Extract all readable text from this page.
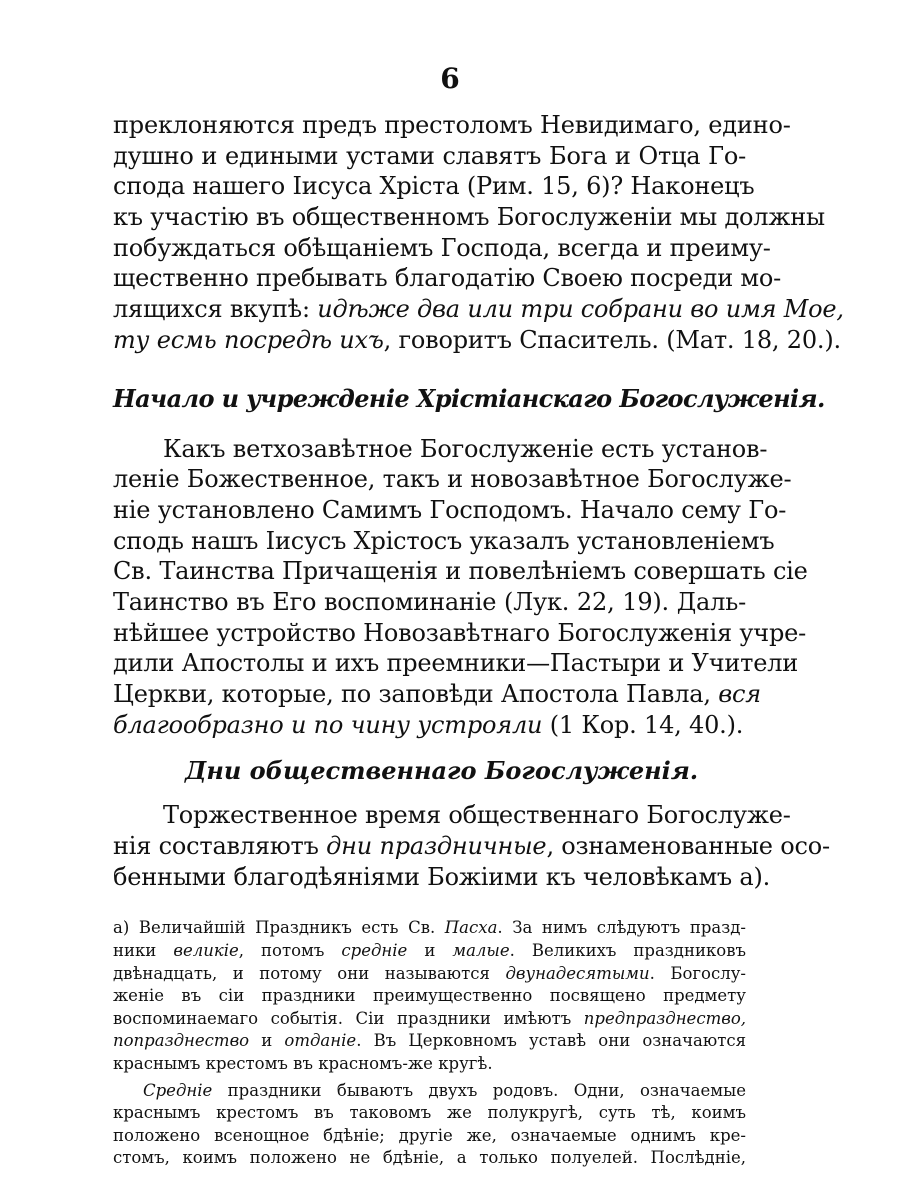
6
преклоняются предъ престоломъ Невидимаго, едино-
душно и едиными устами славятъ Бога и Отца Го-
спода нашего Іисуса Хріста (Рим. 15, 6)? Наконецъ
къ участію въ общественномъ Богослуженіи мы должны
побуждаться обѣщаніемъ Господа, всегда и преиму-
щественно пребывать благодатію Своею посреди мо-
лящихся вкупѣ: идѣже два или три собрани во имя Мое,
ту есмь посредѣ ихъ, говоритъ Спаситель. (Мат. 18, 20.).
Начало и учрежденіе Хрістіанскаго Богослуженія.
Какъ ветхозавѣтное Богослуженіе есть установ-
леніе Божественное, такъ и новозавѣтное Богослуже-
ніе установлено Самимъ Господомъ. Начало сему Го-
сподь нашъ Іисусъ Хрістосъ указалъ установленіемъ
Св. Таинства Причащенія и повелѣніемъ совершать сіе
Таинство въ Его воспоминаніе (Лук. 22, 19). Даль-
нѣйшее устройство Новозавѣтнаго Богослуженія учре-
дили Апостолы и ихъ преемники—Пастыри и Учители
Церкви, которые, по заповѣди Апостола Павла, вся
благообразно и по чину устрояли (1 Кор. 14, 40.).
Дни общественнаго Богослуженія.
Торжественное время общественнаго Богослуже-
нія составляютъ дни праздничные, ознаменованные осо-
бенными благодѣяніями Божіими къ человѣкамъ а).
а) Величайшій Праздникъ есть Св. Пасха. За нимъ слѣдуютъ празд-
ники великіе, потомъ средніе и малые. Великихъ праздниковъ
двѣнадцать, и потому они называются двунадесятыми. Богослу-
женіе въ сіи праздники преимущественно посвящено предмету
воспоминаемаго событія. Сіи праздники имѣютъ предпразднество,
попразднество и отданіе. Въ Церковномъ уставѣ они означаются
краснымъ крестомъ въ красномъ-же кругѣ.
Средніе праздники бываютъ двухъ родовъ. Одни, означаемые
краснымъ крестомъ въ таковомъ же полукругѣ, суть тѣ, коимъ
положено всенощное бдѣніе; другіе же, означаемые однимъ кре-
стомъ, коимъ положено не бдѣніе, а только полуелей. Послѣдніе,
